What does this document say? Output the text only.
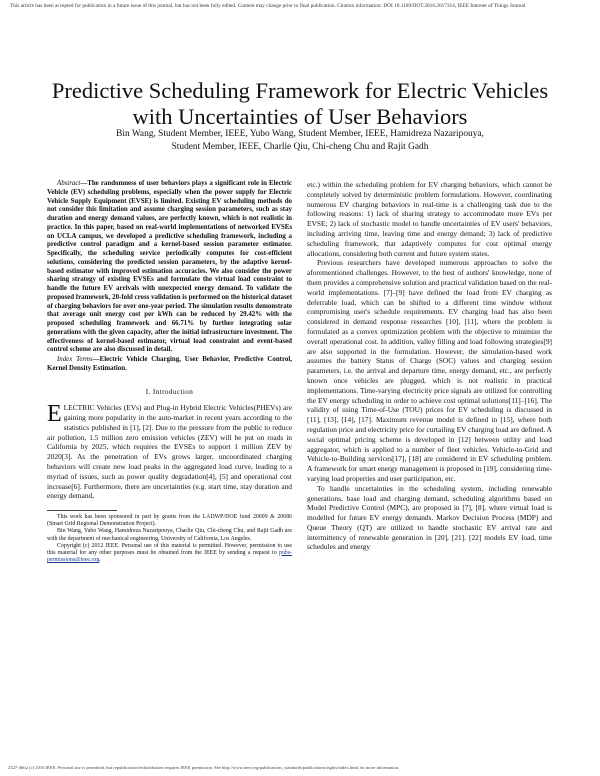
This article has been accepted for publication in a future issue of this journal, but has not been fully edited. Content may change prior to final publication. Citation information: DOI 10.1109/JIOT.2016.2617314, IEEE Internet of Things Journal
Predictive Scheduling Framework for Electric Vehicles with Uncertainties of User Behaviors
Bin Wang, Student Member, IEEE, Yubo Wang, Student Member, IEEE, Hamidreza Nazaripouya,
Student Member, IEEE, Charlie Qiu, Chi-cheng Chu and Rajit Gadh

Abstract—The randomness of user behaviors plays a significant role in Electric Vehicle (EV) scheduling problems, especially when the power supply for Electric Vehicle Supply Equipment (EVSE) is limited. Existing EV scheduling methods do not consider this limitation and assume charging session parameters, such as stay duration and energy demand values, are perfectly known, which is not realistic in practice. In this paper, based on real-world implementations of networked EVSEs on UCLA campus, we developed a predictive scheduling framework, including a predictive control paradigm and a kernel-based session parameter estimator. Specifically, the scheduling service periodically computes for cost-efficient solutions, considering the predicted session parameters, by the adaptive kernel-based estimator with improved estimation accuracies. We also consider the power sharing strategy of existing EVSEs and formulate the virtual load constraint to handle the future EV arrivals with unexpected energy demand. To validate the proposed framework, 20-fold cross validation is performed on the historical dataset of charging behaviors for over one-year period. The simulation results demonstrate that average unit energy cost per kWh can be reduced by 29.42% with the proposed scheduling framework and 66.71% by further integrating solar generations with the given capacity, after the initial infrastructure investment. The effectiveness of kernel-based estimator, virtual load constraint and event-based control scheme are also discussed in detail.

Index Terms—Electric Vehicle Charging, User Behavior, Predictive Control, Kernel Density Estimation.

I. Introduction

ELECTRIC Vehicles (EVs) and Plug-in Hybrid Electric Vehicles(PHEVs) are gaining more popularity in the auto-market in recent years according to the statistics published in [1], [2]. Due to the pressure from the public to reduce air pollution, 1.5 million zero emission vehicles (ZEV) will be put on roads in California by 2025, which requires the EVSEs to support 1 million ZEV by 2020[3]. As the penetration of EVs grows larger, uncoordinated charging behaviors will create new load peaks in the aggregated load curve, leading to a myriad of issues, such as power quality degradation[4], [5] and operational cost increase[6]. Furthermore, there are uncertainties (e.g. start time, stay duration and energy demand,

This work has been sponsored in part by grants from the LADWP/DOE fund 20699 & 20686 (Smart Grid Regional Demonstration Project).

Bin Wang, Yubo Wang, Hamidreza Nazaripouya, Charlie Qiu, Chi-cheng Chu, and Rajit Gadh are with the department of mechanical engineering, University of California, Los Angeles.

Copyright (c) 2012 IEEE. Personal use of this material is permitted. However, permission to use this material for any other purposes must be obtained from the IEEE by sending a request to pubs-permissions@ieee.org.

etc.) within the scheduling problem for EV charging behaviors, which cannot be completely solved by deterministic problem formulations. However, coordinating numerous EV charging behaviors in real-time is a challenging task due to the following reasons: 1) lack of sharing strategy to accommodate more EVs per EVSE; 2) lack of stochastic model to handle uncertainties of EV users' behaviors, including arriving time, leaving time and energy demand; 3) lack of predictive scheduling framework, that adaptively computes for cost optimal energy allocations, considering both current and future system states.

Previous researchers have developed numerous approaches to solve the aforementioned challenges. However, to the best of authors' knowledge, none of them provides a comprehensive solution and practical validation based on the real-world implementations. [7]–[9] have defined the load from EV charging as deferrable load, which can be shifted to a different time window without compromising user's schedule requirements. EV charging load has also been considered in demand response researches [10], [11], where the problem is formulated as a convex optimization problem with the objective to minimize the overall operational cost. In addition, valley filling and load following strategies[9] are also supported in the formulation. However, the simulation-based work assumes the battery Status of Charge (SOC) values and charging session parameters, i.e. the arrival and departure time, energy demand, etc., are perfectly known once vehicles are plugged, which is not realistic in practical implementations. Time-varying electricity price signals are utilized for controlling the EV energy scheduling in order to achieve cost optimal solutions[11]–[16]. The validity of using Time-of-Use (TOU) prices for EV scheduling is discussed in [11], [13], [14], [17]. Maximum revenue model is defined in [15], where both regulation price and electricity price for curtailing EV charging load are defined. A social optimal pricing scheme is developed in [12] between utility and load aggregator, which is applied to a number of fleet vehicles. Vehicle-to-Grid and Vehicle-to-Building services[17], [18] are considered in EV scheduling problem. A framework for smart energy management is proposed in [19], considering time-varying load properties and user participation, etc.

To handle uncertainties in the scheduling system, including renewable generations, base load and charging demand, scheduling algorithms based on Model Predictive Control (MPC), are proposed in [7], [8], where virtual load is modelled for future EV energy demands. Markov Decision Process (MDP) and Queue Theory (QT) are utilized to handle stochastic EV arrival rate and intermittency of renewable generation in [20], [21]. [22] models EV load, time schedules and energy

2327-4662 (c) 2016 IEEE. Personal use is permitted, but republication/redistribution requires IEEE permission. See http://www.ieee.org/publications_standards/publications/rights/index.html for more information.
